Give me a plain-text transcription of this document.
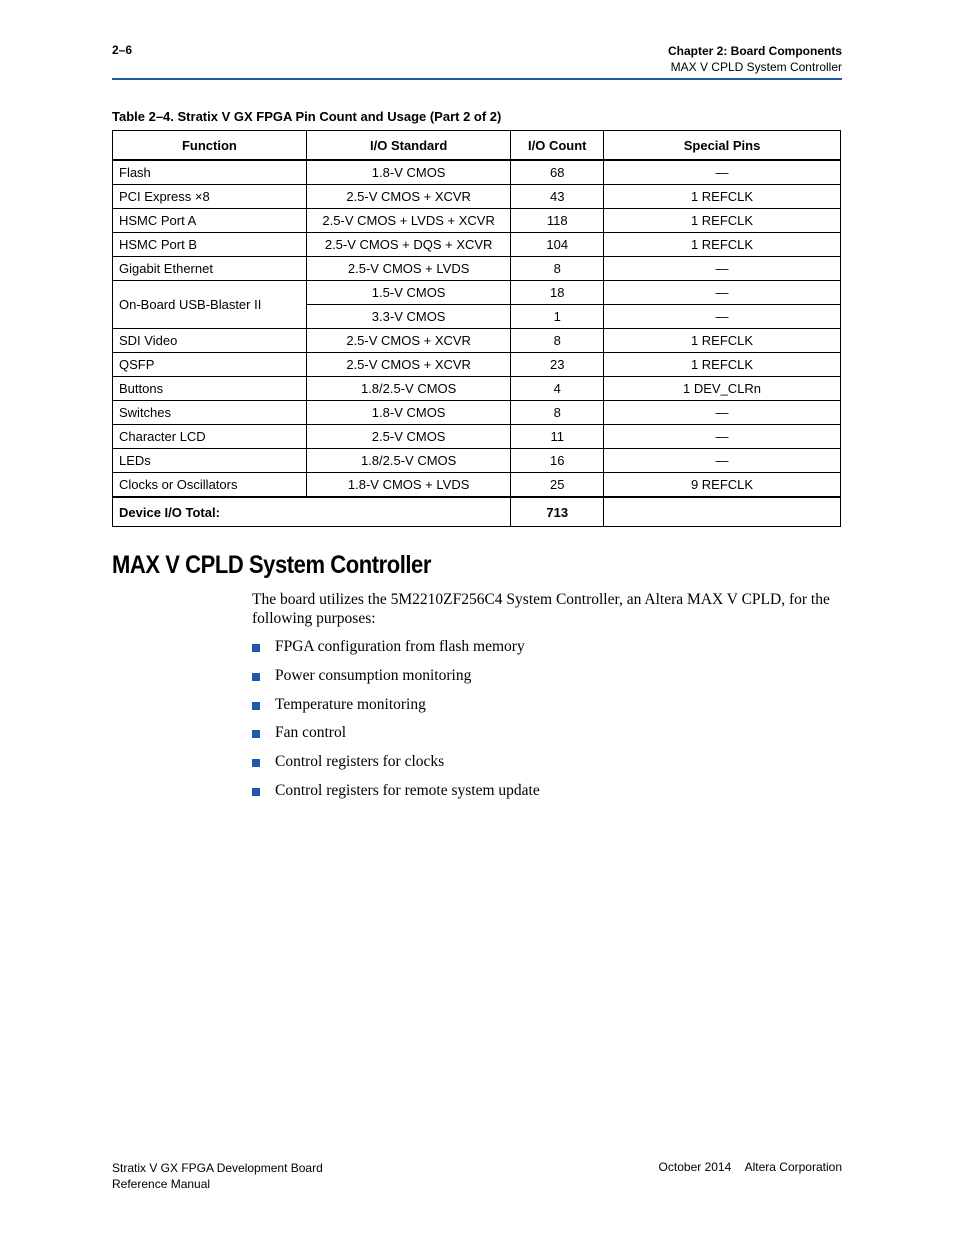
2–6	Chapter 2: Board Components
MAX V CPLD System Controller
Table 2–4. Stratix V GX FPGA Pin Count and Usage (Part 2 of 2)
Function	I/O Standard	I/O Count	Special Pins
Flash	1.8-V CMOS	68	—
PCI Express ×8	2.5-V CMOS + XCVR	43	1 REFCLK
HSMC Port A	2.5-V CMOS + LVDS + XCVR	118	1 REFCLK
HSMC Port B	2.5-V CMOS + DQS + XCVR	104	1 REFCLK
Gigabit Ethernet	2.5-V CMOS + LVDS	8	—
On-Board USB-Blaster II	1.5-V CMOS	18	—
	3.3-V CMOS	1	—
SDI Video	2.5-V CMOS + XCVR	8	1 REFCLK
QSFP	2.5-V CMOS + XCVR	23	1 REFCLK
Buttons	1.8/2.5-V CMOS	4	1 DEV_CLRn
Switches	1.8-V CMOS	8	—
Character LCD	2.5-V CMOS	11	—
LEDs	1.8/2.5-V CMOS	16	—
Clocks or Oscillators	1.8-V CMOS + LVDS	25	9 REFCLK
Device I/O Total:		713	
MAX V CPLD System Controller

The board utilizes the 5M2210ZF256C4 System Controller, an Altera MAX V CPLD, for the following purposes:

FPGA configuration from flash memory
Power consumption monitoring
Temperature monitoring
Fan control
Control registers for clocks
Control registers for remote system update
Stratix V GX FPGA Development Board
Reference Manual
October 2014 Altera Corporation
